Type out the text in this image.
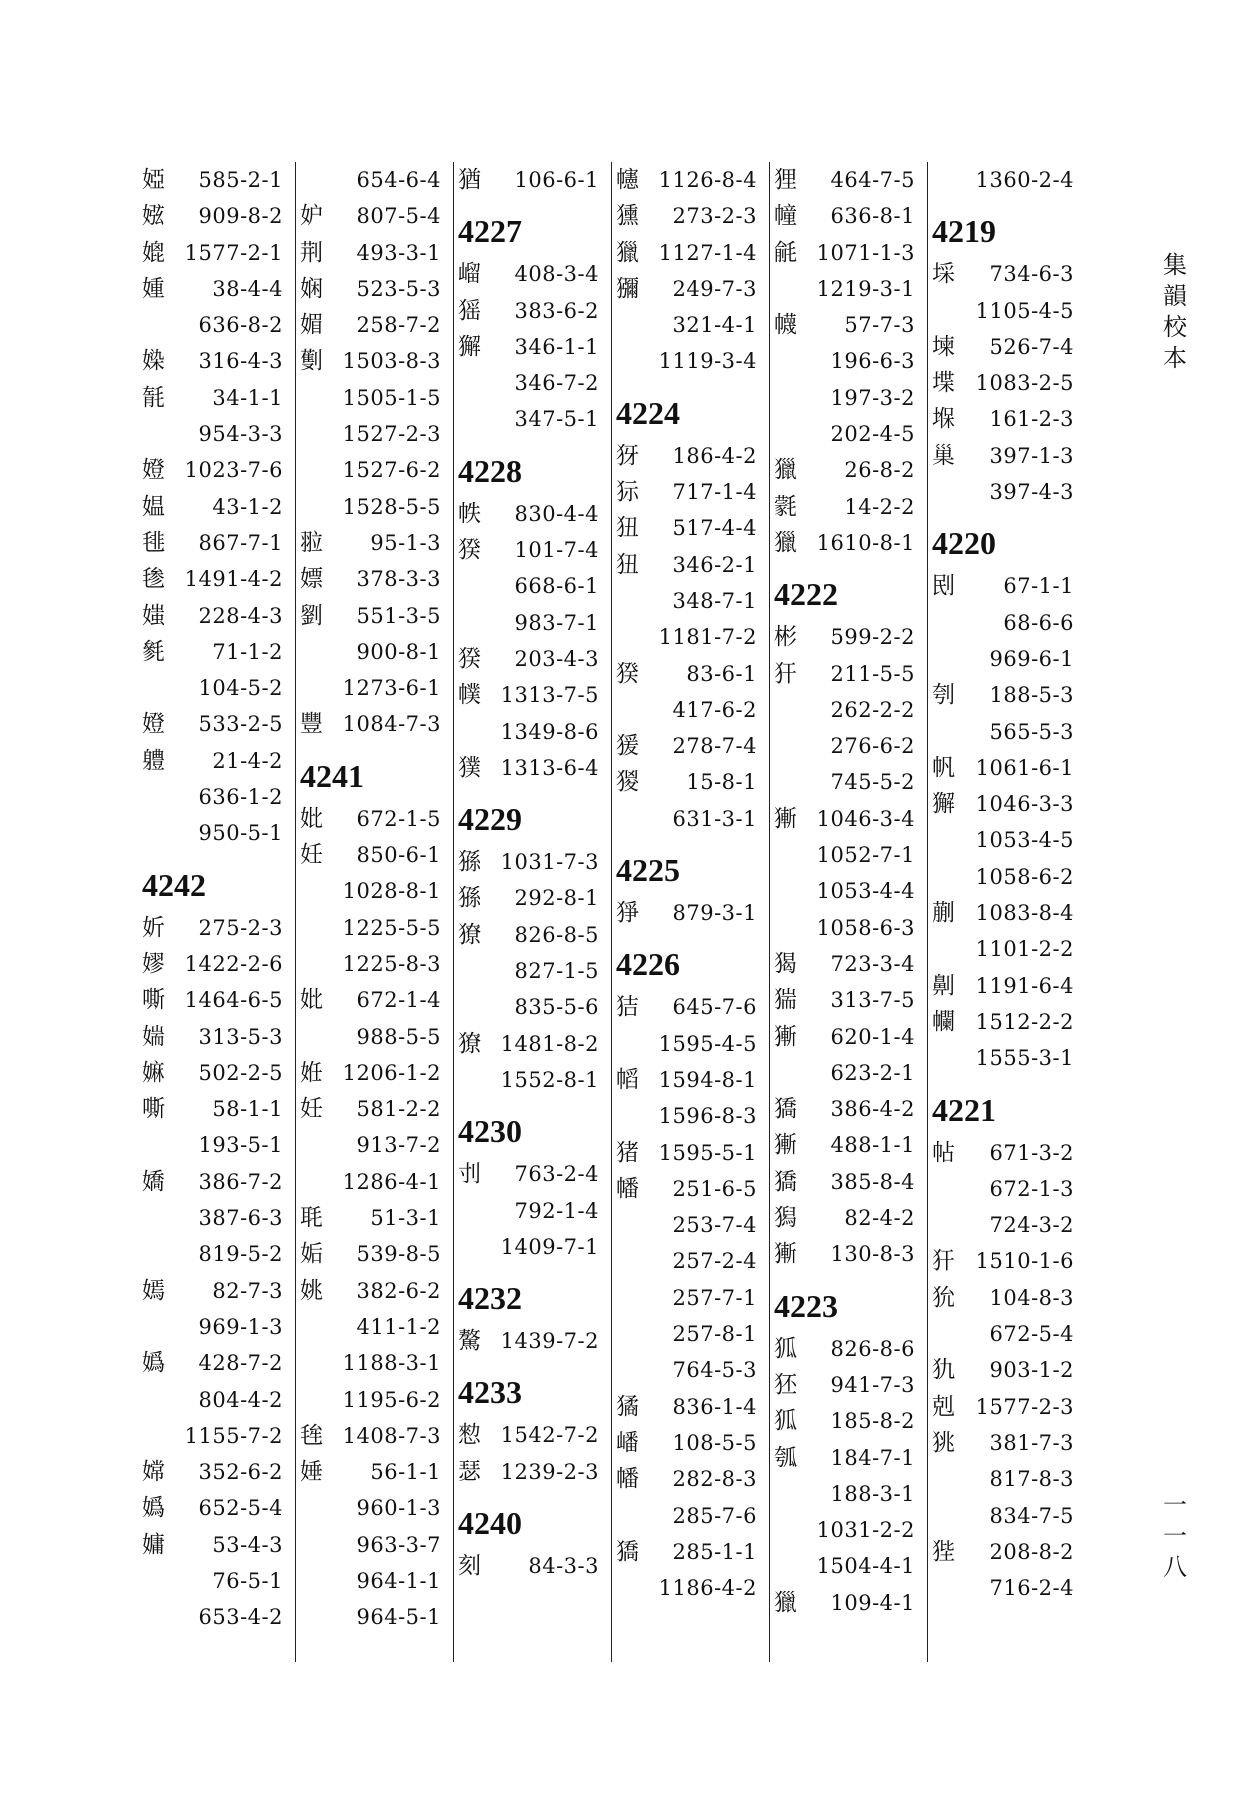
婭	585-2-1
娹	909-8-2
媲 1577-2-1
媑	38-4-4
636-8-2
媣	316-4-3
毻	34-1-1
954-3-3
嬁 1023-7-6
媪	43-1-2
毴	867-7-1
毶 1491-4-2
媸	228-4-3
毿	71-1-2
104-5-2
嬁	533-2-5
軆	21-4-2
636-1-2
950-5-1
4242
妡	275-2-3
嫪 1422-2-6
嘶 1464-6-5
媏	313-5-3
嫲	502-2-5
嘶	58-1-1
193-5-1
嬌	386-7-2
387-6-3
819-5-2
嫣	82-7-3
969-1-3
嬀	428-7-2
804-4-2
1155-7-2
嫦	352-6-2
嬀	652-5-4
嫞	53-4-3
76-5-1
653-4-2
654-6-4
妒	807-5-4
荆	493-3-1
娴	523-5-3
媚	258-7-2
劐 1503-8-3
1505-1-5
1527-2-3
1527-6-2
1528-5-5
翋	95-1-3
嫖	378-3-3
劉	551-3-5
900-8-1
1273-6-1
豐 1084-7-3
4241
妣	672-1-5
妊	850-6-1
1028-8-1
1225-5-5
1225-8-3
妣	672-1-4
988-5-5
姙 1206-1-2
妊	581-2-2
913-7-2
1286-4-1
毦	51-3-1
姤	539-8-5
姚	382-6-2
411-1-2
1188-3-1
1195-6-2
毪 1408-7-3
娷	56-1-1
960-1-3
963-3-7
964-1-1
964-5-1
猶	106-6-1
4227
嵧	408-3-4
猺	383-6-2
獬	346-1-1
346-7-2
347-5-1
4228
帙	830-4-4
猤	101-7-4
668-6-1
983-7-1
猤	203-4-3
幞 1313-7-5
1349-8-6
獛 1313-6-4
4229
猻 1031-7-3
猻	292-8-1
獠	826-8-5
827-1-5
835-5-6
獠 1481-8-2
1552-8-1
4230
刌	763-2-4
792-1-4
1409-7-1
4232
驁 1439-7-2
4233
愸 1542-7-2
瑟 1239-2-3
4240
刻	84-3-3
幰 1126-8-4
獯	273-2-3
獵 1127-1-4
獼	249-7-3
321-4-1
1119-3-4
4224
犽	186-4-2
狋	717-1-4
狃	517-4-4
狃	346-2-1
348-7-1
1181-7-2
猤	83-6-1
417-6-2
猨	278-7-4
猣	15-8-1
631-3-1
4225
猙	879-3-1
4226
狤	645-7-6
1595-4-5
幍 1594-8-1
1596-8-3
猪 1595-5-1
幡	251-6-5
253-7-4
257-2-4
257-7-1
257-8-1
764-5-3
獝	836-1-4
嶓	108-5-5
幡	282-8-3
285-7-6
獢	285-1-1
1186-4-2
狸	464-7-5
幢	636-8-1
毹 1071-1-3
1219-3-1
幭	57-7-3
196-6-3
197-3-2
202-4-5
獵	26-8-2
氋	14-2-2
獵 1610-8-1
4222
彬	599-2-2
犴	211-5-5
262-2-2
276-6-2
745-5-2
獑 1046-3-4
1052-7-1
1053-4-4
1058-6-3
猲	723-3-4
猯	313-7-5
獑	620-1-4
623-2-1
獢	386-4-2
獑	488-1-1
獢	385-8-4
獡	82-4-2
獑	130-8-3
4223
狐	826-8-6
狉	941-7-3
狐	185-8-2
瓠	184-7-1
188-3-1
1031-2-2
1504-4-1
獵	109-4-1
1360-2-4
4219
埰	734-6-3
1105-4-5
堜	526-7-4
堞 1083-2-5
堢	161-2-3
巢	397-1-3
397-4-3
4220
刡	67-1-1
68-6-6
969-6-1
刳	188-5-3
565-5-3
帆 1061-6-1
獬 1046-3-3
1053-4-5
1058-6-2
蒯 1083-8-4
1101-2-2
劓 1191-6-4
幱 1512-2-2
1555-3-1
4221
帖	671-3-2
672-1-3
724-3-2
犴 1510-1-6
狁	104-8-3
672-5-4
犰	903-1-2
剋 1577-2-3
狣	381-7-3
817-8-3
834-7-5
狴	208-8-2
716-2-4
集
韻
校
本
一
一
八
